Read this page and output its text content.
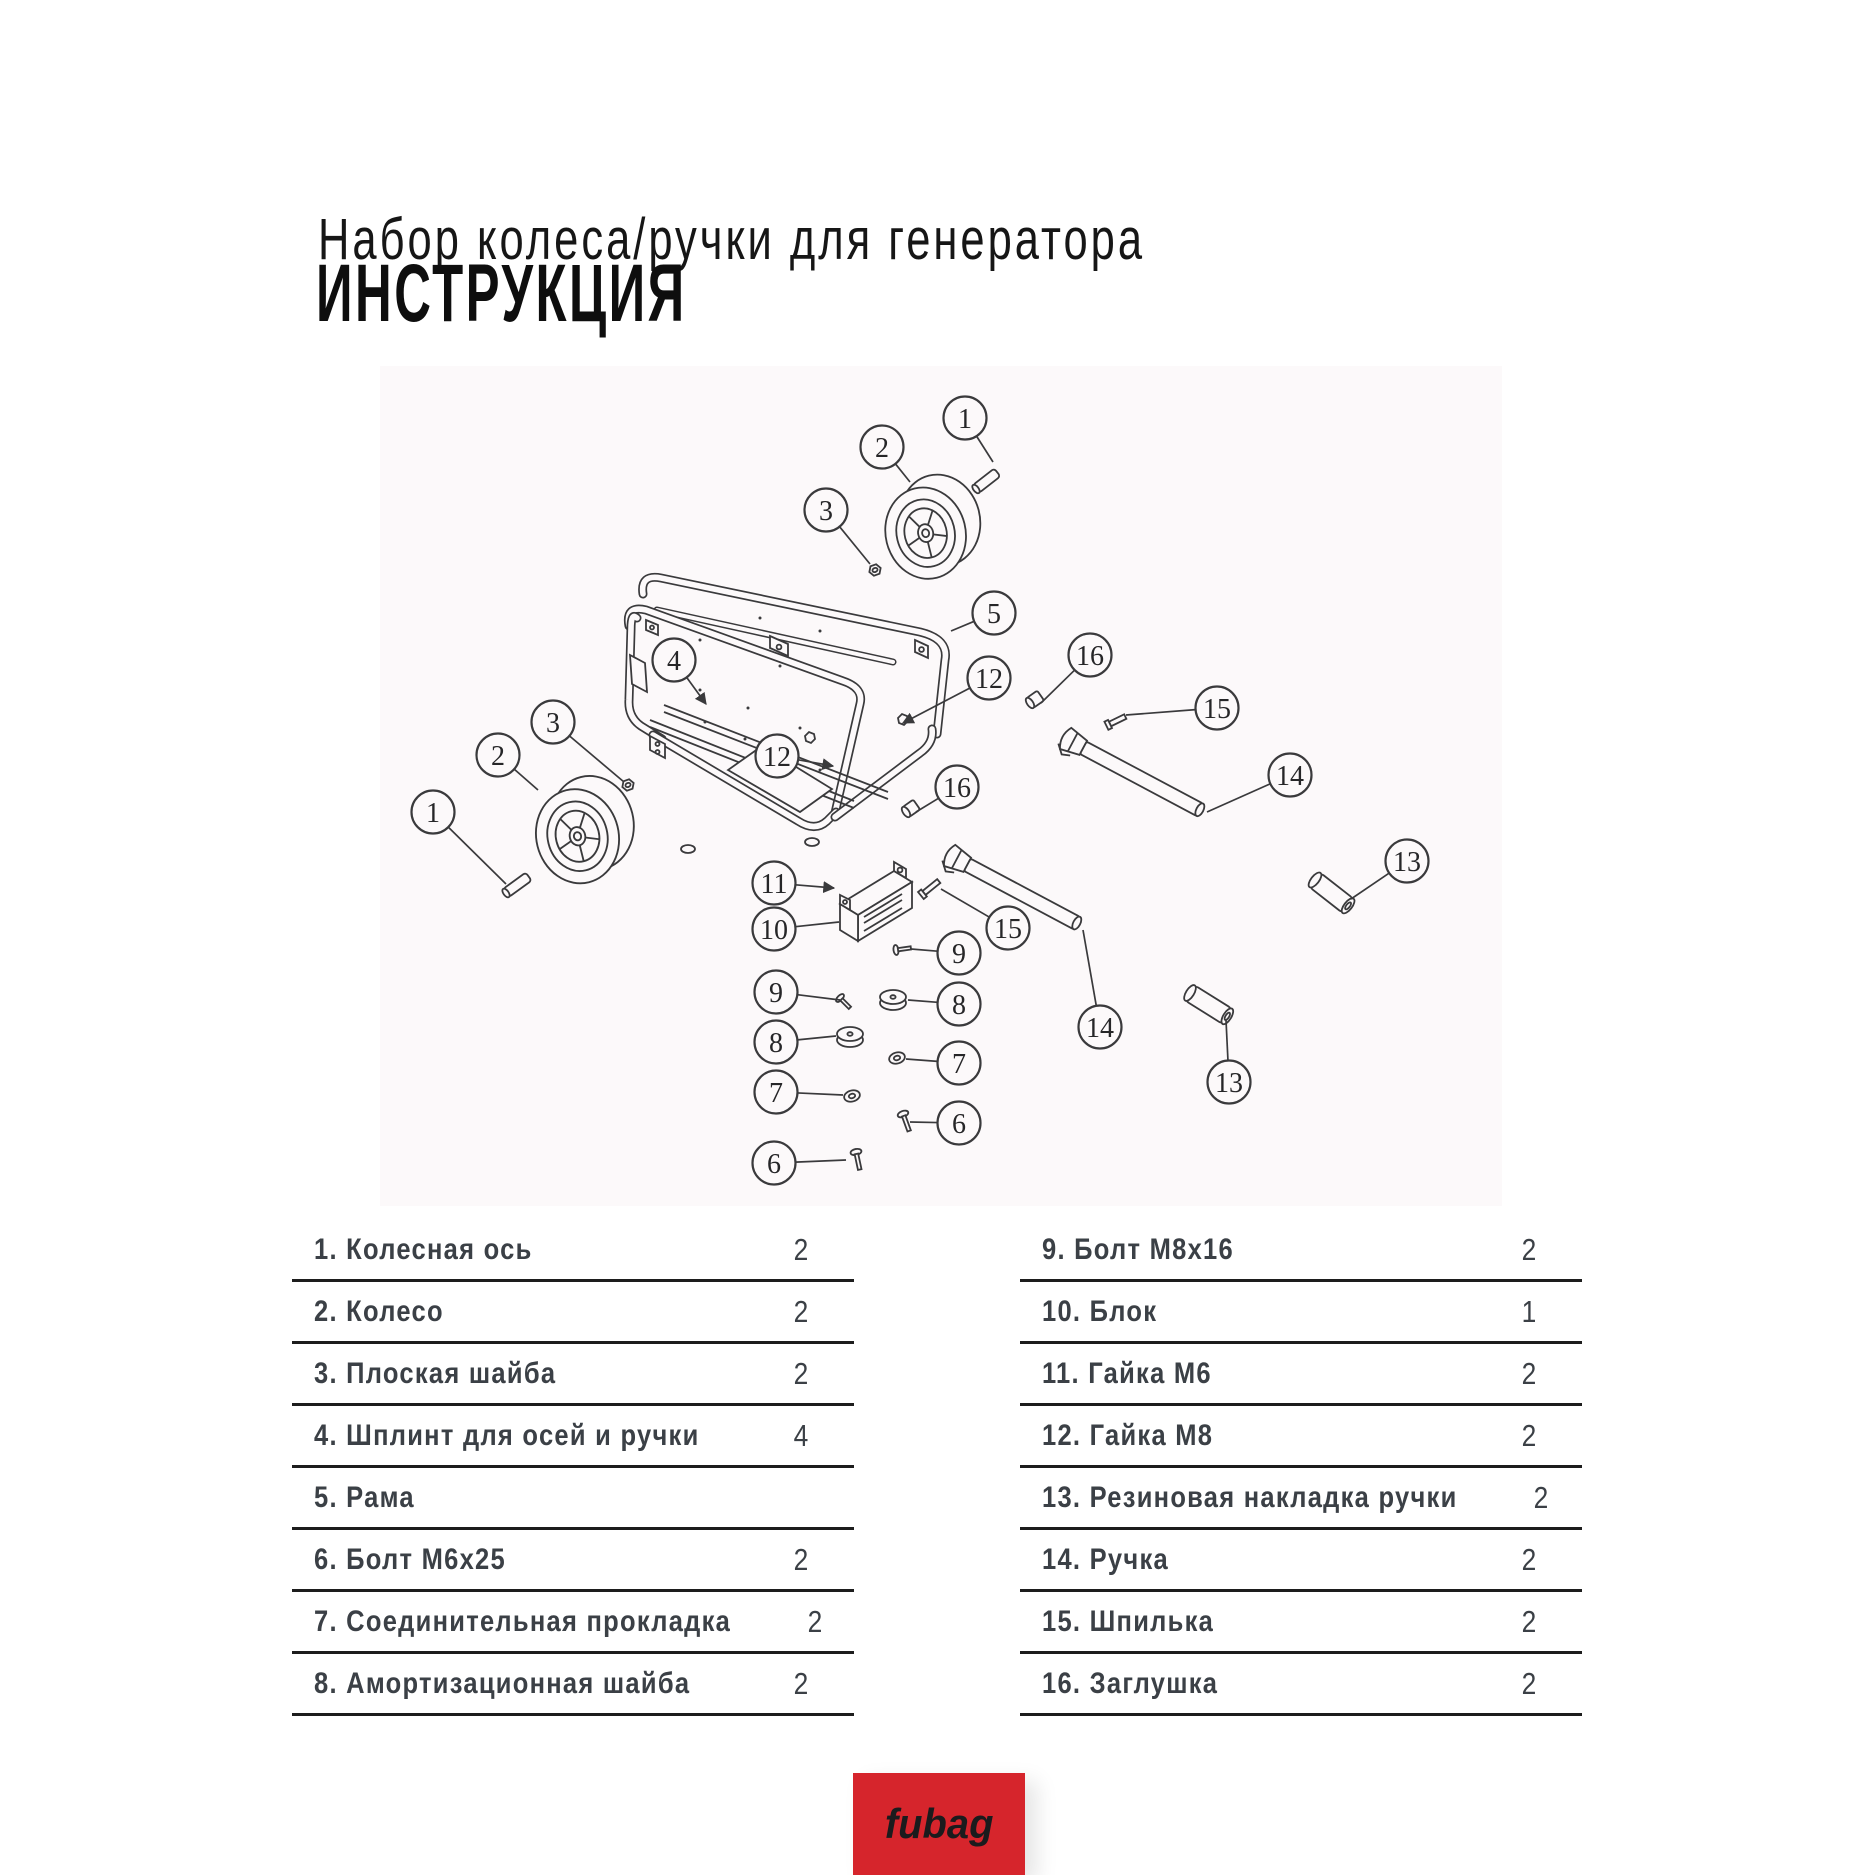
Набор колеса/ручки для генератора
ИНСТРУКЦИЯ
1
2
3
5
4
12
16
15
12
16
3
2
1
14
13
11
10	15
9
8
7
6
9
8
7
6
14
13
1. Колесная ось	2
2. Колесо	2
3. Плоская шайба	2
4. Шплинт для осей и ручки	4
5. Рама
6. Болт М6х25	2
7. Соединительная прокладка 2
8. Амортизационная шайба	2
9. Болт М8х16	2
10. Блок	1
11. Гайка М6	2
12. Гайка М8	2
13. Резиновая накладка ручки 2
14. Ручка	2
15. Шпилька	2
16. Заглушка	2
fubag
